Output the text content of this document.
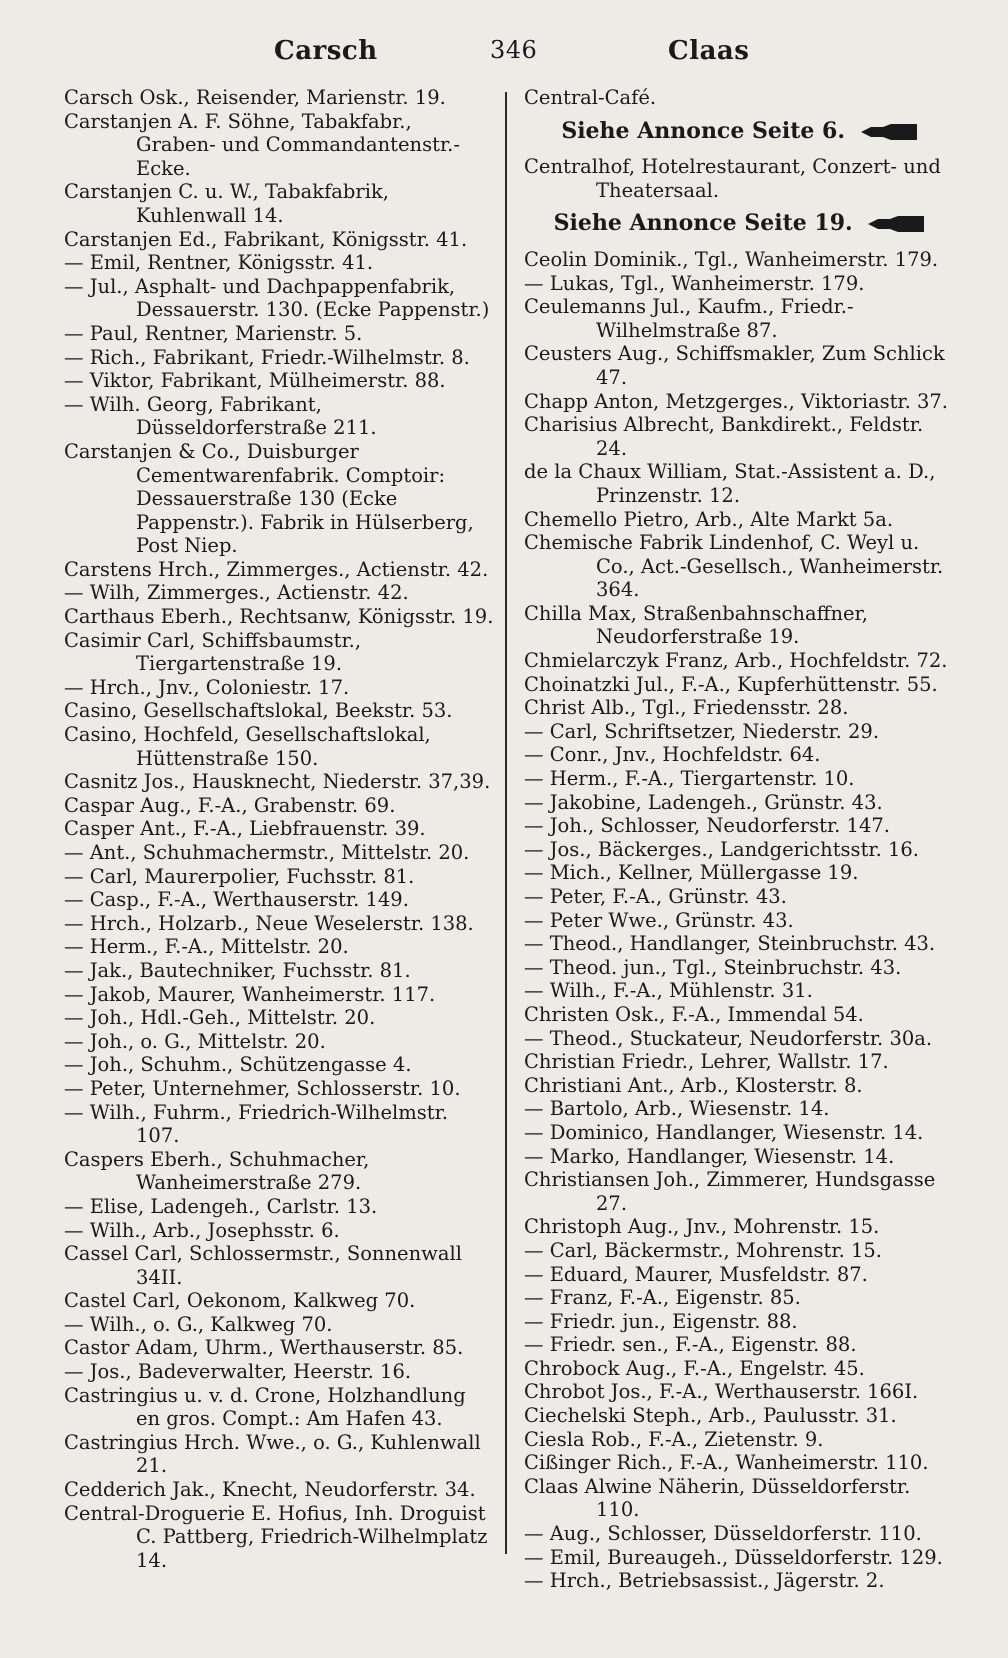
Carsch	346	Claas

Carsch Osk., Reisender, Marienstr. 19.

Carstanjen A. F. Söhne, Tabakfabr., Graben- und Commandantenstr.-Ecke.

Carstanjen C. u. W., Tabakfabrik, Kuhlenwall 14.

Carstanjen Ed., Fabrikant, Königsstr. 41.

— Emil, Rentner, Königsstr. 41.

— Jul., Asphalt- und Dachpappenfabrik, Dessauerstr. 130. (Ecke Pappenstr.)

— Paul, Rentner, Marienstr. 5.

— Rich., Fabrikant, Friedr.-Wilhelmstr. 8.

— Viktor, Fabrikant, Mülheimerstr. 88.

— Wilh. Georg, Fabrikant, Düsseldorferstraße 211.

Carstanjen & Co., Duisburger Cementwarenfabrik. Comptoir: Dessauerstraße 130 (Ecke Pappenstr.). Fabrik in Hülserberg, Post Niep.

Carstens Hrch., Zimmerges., Actienstr. 42.

— Wilh, Zimmerges., Actienstr. 42.

Carthaus Eberh., Rechtsanw, Königsstr. 19.

Casimir Carl, Schiffsbaumstr., Tiergartenstraße 19.

— Hrch., Jnv., Coloniestr. 17.

Casino, Gesellschaftslokal, Beekstr. 53.

Casino, Hochfeld, Gesellschaftslokal, Hüttenstraße 150.

Casnitz Jos., Hausknecht, Niederstr. 37,39.

Caspar Aug., F.-A., Grabenstr. 69.

Casper Ant., F.-A., Liebfrauenstr. 39.

— Ant., Schuhmachermstr., Mittelstr. 20.

— Carl, Maurerpolier, Fuchsstr. 81.

— Casp., F.-A., Werthauserstr. 149.

— Hrch., Holzarb., Neue Weselerstr. 138.

— Herm., F.-A., Mittelstr. 20.

— Jak., Bautechniker, Fuchsstr. 81.

— Jakob, Maurer, Wanheimerstr. 117.

— Joh., Hdl.-Geh., Mittelstr. 20.

— Joh., o. G., Mittelstr. 20.

— Joh., Schuhm., Schützengasse 4.

— Peter, Unternehmer, Schlosserstr. 10.

— Wilh., Fuhrm., Friedrich-Wilhelmstr. 107.

Caspers Eberh., Schuhmacher, Wanheimerstraße 279.

— Elise, Ladengeh., Carlstr. 13.

— Wilh., Arb., Josephsstr. 6.

Cassel Carl, Schlossermstr., Sonnenwall 34II.

Castel Carl, Oekonom, Kalkweg 70.

— Wilh., o. G., Kalkweg 70.

Castor Adam, Uhrm., Werthauserstr. 85.

— Jos., Badeverwalter, Heerstr. 16.

Castringius u. v. d. Crone, Holzhandlung en gros. Compt.: Am Hafen 43.

Castringius Hrch. Wwe., o. G., Kuhlenwall 21.

Cedderich Jak., Knecht, Neudorferstr. 34.

Central-Droguerie E. Hofius, Inh. Droguist C. Pattberg, Friedrich-Wilhelmplatz 14.

Central-Café.

Siehe Annonce Seite 6.

Centralhof, Hotelrestaurant, Conzert- und Theatersaal.

Siehe Annonce Seite 19.

Ceolin Dominik., Tgl., Wanheimerstr. 179.

— Lukas, Tgl., Wanheimerstr. 179.

Ceulemanns Jul., Kaufm., Friedr.-Wilhelmstraße 87.

Ceusters Aug., Schiffsmakler, Zum Schlick 47.

Chapp Anton, Metzgerges., Viktoriastr. 37.

Charisius Albrecht, Bankdirekt., Feldstr. 24.

de la Chaux William, Stat.-Assistent a. D., Prinzenstr. 12.

Chemello Pietro, Arb., Alte Markt 5a.

Chemische Fabrik Lindenhof, C. Weyl u. Co., Act.-Gesellsch., Wanheimerstr. 364.

Chilla Max, Straßenbahnschaffner, Neudorferstraße 19.

Chmielarczyk Franz, Arb., Hochfeldstr. 72.

Choinatzki Jul., F.-A., Kupferhüttenstr. 55.

Christ Alb., Tgl., Friedensstr. 28.

— Carl, Schriftsetzer, Niederstr. 29.

— Conr., Jnv., Hochfeldstr. 64.

— Herm., F.-A., Tiergartenstr. 10.

— Jakobine, Ladengeh., Grünstr. 43.

— Joh., Schlosser, Neudorferstr. 147.

— Jos., Bäckerges., Landgerichtsstr. 16.

— Mich., Kellner, Müllergasse 19.

— Peter, F.-A., Grünstr. 43.

— Peter Wwe., Grünstr. 43.

— Theod., Handlanger, Steinbruchstr. 43.

— Theod. jun., Tgl., Steinbruchstr. 43.

— Wilh., F.-A., Mühlenstr. 31.

Christen Osk., F.-A., Immendal 54.

— Theod., Stuckateur, Neudorferstr. 30a.

Christian Friedr., Lehrer, Wallstr. 17.

Christiani Ant., Arb., Klosterstr. 8.

— Bartolo, Arb., Wiesenstr. 14.

— Dominico, Handlanger, Wiesenstr. 14.

— Marko, Handlanger, Wiesenstr. 14.

Christiansen Joh., Zimmerer, Hundsgasse 27.

Christoph Aug., Jnv., Mohrenstr. 15.

— Carl, Bäckermstr., Mohrenstr. 15.

— Eduard, Maurer, Musfeldstr. 87.

— Franz, F.-A., Eigenstr. 85.

— Friedr. jun., Eigenstr. 88.

— Friedr. sen., F.-A., Eigenstr. 88.

Chrobock Aug., F.-A., Engelstr. 45.

Chrobot Jos., F.-A., Werthauserstr. 166I.

Ciechelski Steph., Arb., Paulusstr. 31.

Ciesla Rob., F.-A., Zietenstr. 9.

Cißinger Rich., F.-A., Wanheimerstr. 110.

Claas Alwine Näherin, Düsseldorferstr. 110.

— Aug., Schlosser, Düsseldorferstr. 110.

— Emil, Bureaugeh., Düsseldorferstr. 129.

— Hrch., Betriebsassist., Jägerstr. 2.
